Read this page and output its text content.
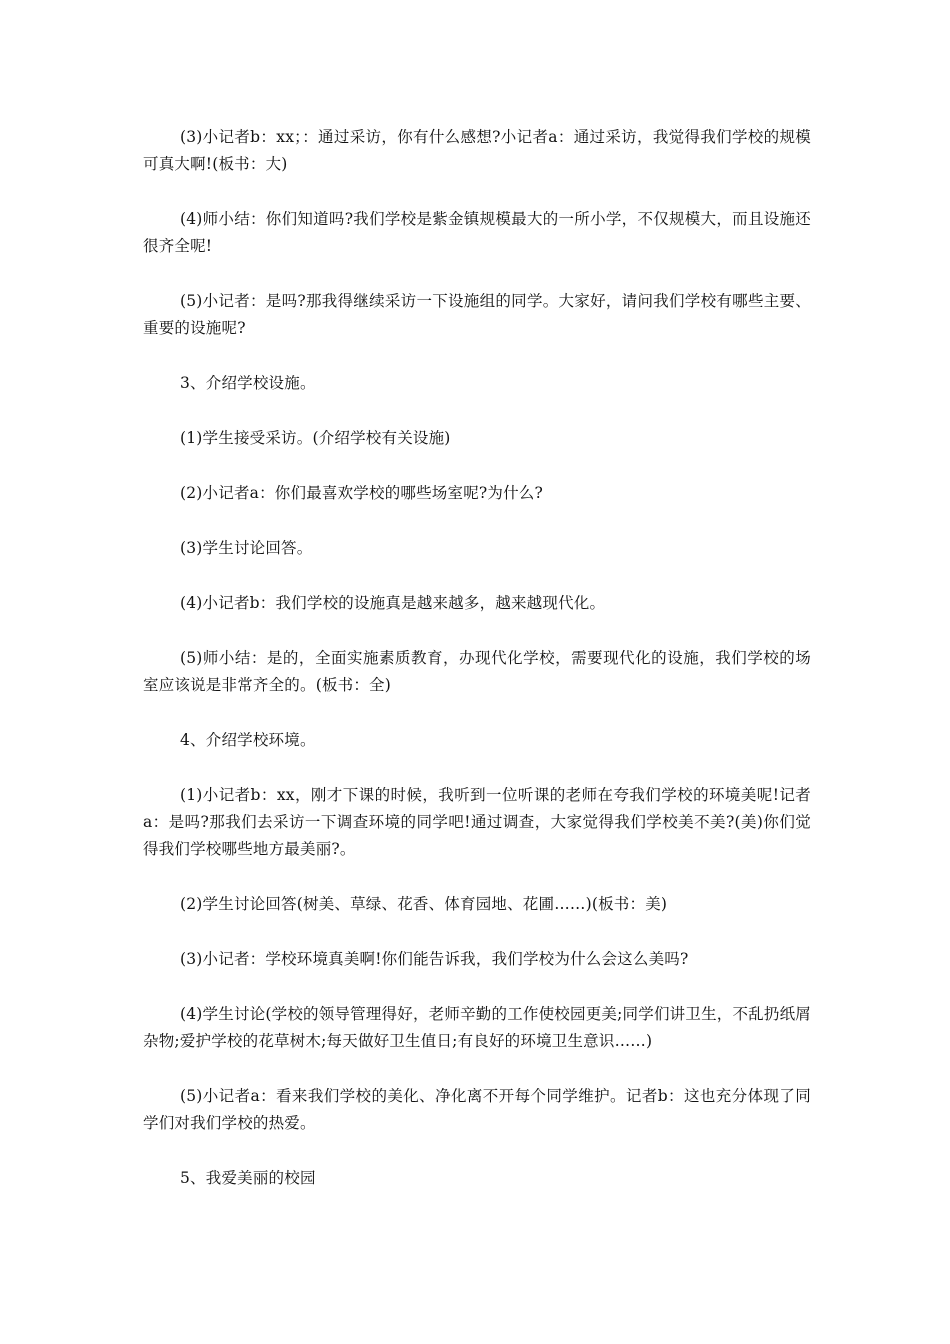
(3)小记者b：xx；：通过采访，你有什么感想?小记者a：通过采访，我觉得我们学校的规模可真大啊!(板书：大)

(4)师小结：你们知道吗?我们学校是紫金镇规模最大的一所小学，不仅规模大，而且设施还很齐全呢!

(5)小记者：是吗?那我得继续采访一下设施组的同学。大家好，请问我们学校有哪些主要、重要的设施呢?

3、介绍学校设施。

(1)学生接受采访。(介绍学校有关设施)

(2)小记者a：你们最喜欢学校的哪些场室呢?为什么?

(3)学生讨论回答。

(4)小记者b：我们学校的设施真是越来越多，越来越现代化。

(5)师小结：是的，全面实施素质教育，办现代化学校，需要现代化的设施，我们学校的场室应该说是非常齐全的。(板书：全)

4、介绍学校环境。

(1)小记者b：xx，刚才下课的时候，我听到一位听课的老师在夸我们学校的环境美呢!记者a：是吗?那我们去采访一下调查环境的同学吧!通过调查，大家觉得我们学校美不美?(美)你们觉得我们学校哪些地方最美丽?。

(2)学生讨论回答(树美、草绿、花香、体育园地、花圃……)(板书：美)

(3)小记者：学校环境真美啊!你们能告诉我，我们学校为什么会这么美吗?

(4)学生讨论(学校的领导管理得好，老师辛勤的工作使校园更美;同学们讲卫生，不乱扔纸屑杂物;爱护学校的花草树木;每天做好卫生值日;有良好的环境卫生意识……)

(5)小记者a：看来我们学校的美化、净化离不开每个同学维护。记者b：这也充分体现了同学们对我们学校的热爱。

5、我爱美丽的校园
